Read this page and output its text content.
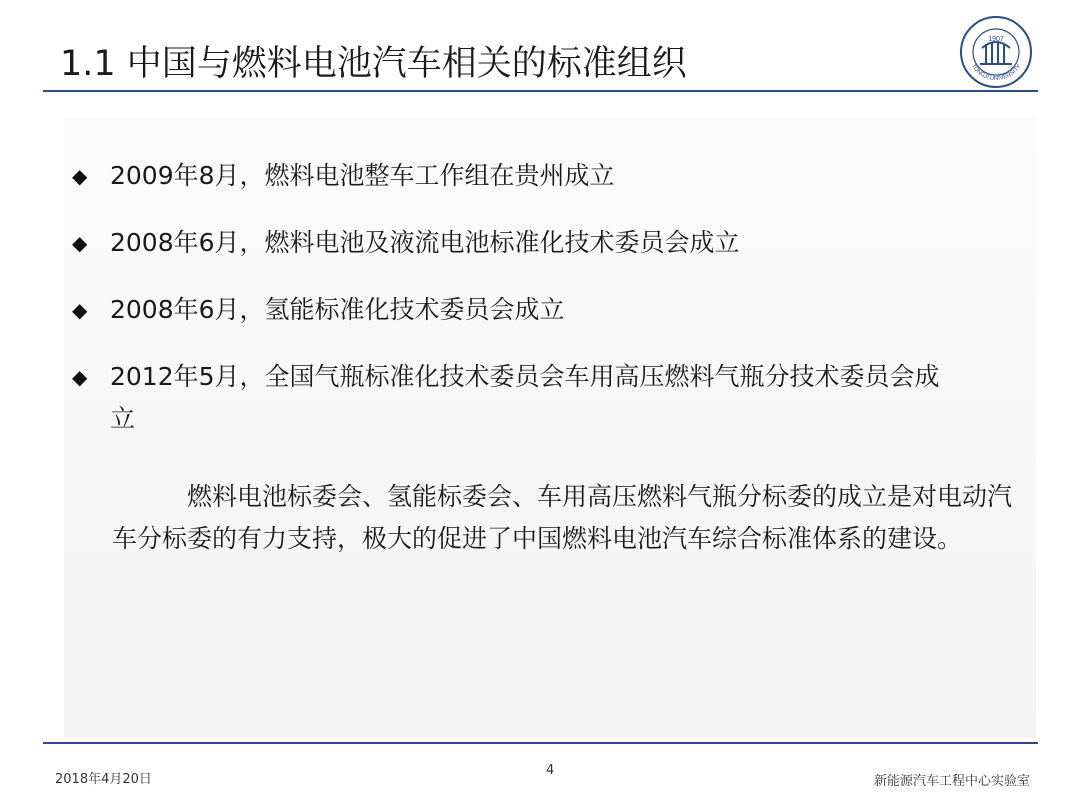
1.1 中国与燃料电池汽车相关的标准组织
1907
TONGJI UNIVERSITY
◆ 2009年8月，燃料电池整车工作组在贵州成立
◆ 2008年6月，燃料电池及液流电池标准化技术委员会成立
◆ 2008年6月，氢能标准化技术委员会成立
◆ 2012年5月，全国气瓶标准化技术委员会车用高压燃料气瓶分技术委员会成
立
燃料电池标委会、氢能标委会、车用高压燃料气瓶分标委的成立是对电动汽车分标委的有力支持，极大的促进了中国燃料电池汽车综合标准体系的建设。
2018年4月20日
4
新能源汽车工程中心实验室
